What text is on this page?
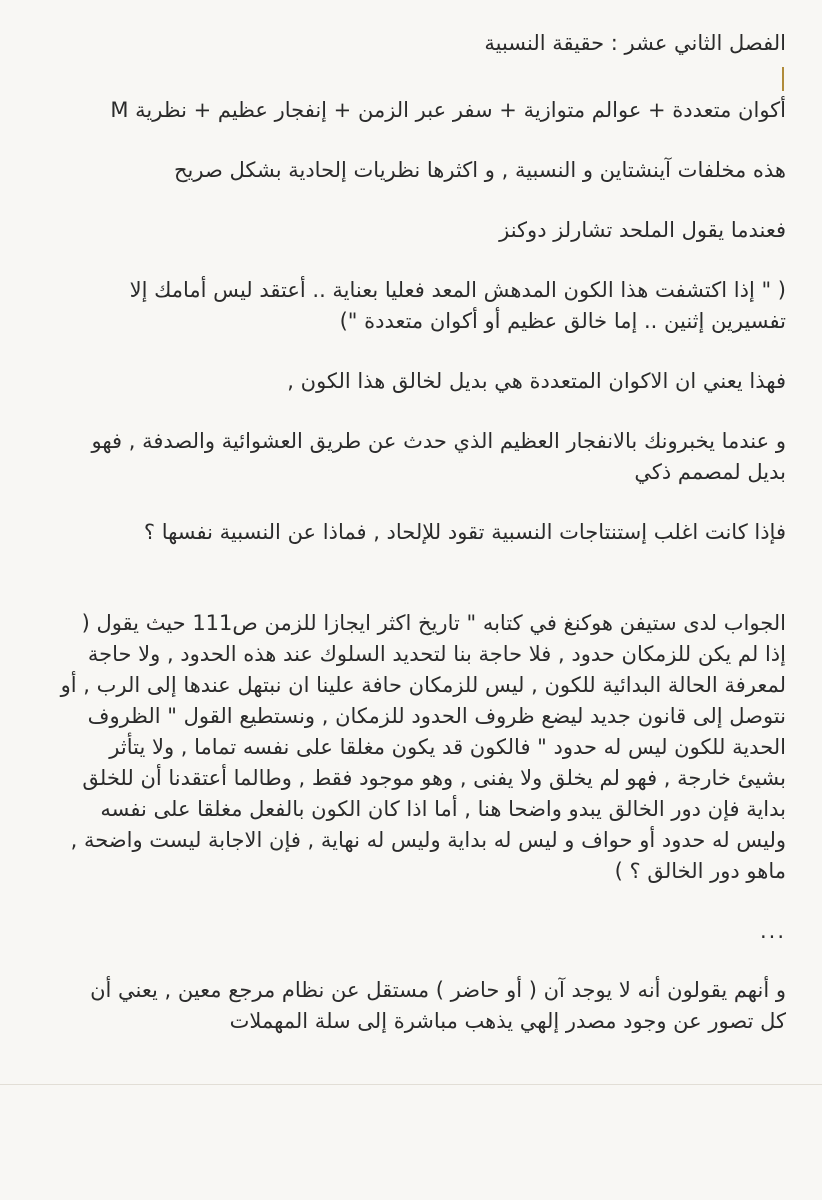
الفصل الثاني عشر : حقيقة النسبية

أكوان متعددة + عوالم متوازية + سفر عبر الزمن + إنفجار عظيم + نظرية M

هذه مخلفات آينشتاين و النسبية , و اكثرها نظريات إلحادية بشكل صريح

فعندما يقول الملحد تشارلز دوكنز

( " إذا اكتشفت هذا الكون المدهش المعد فعليا بعناية .. أعتقد ليس أمامك إلا تفسيرين إثنين .. إما خالق عظيم أو أكوان متعددة ")

فهذا يعني ان الاكوان المتعددة هي بديل لخالق هذا الكون ,

و عندما يخبرونك بالانفجار العظيم الذي حدث عن طريق العشوائية والصدفة , فهو بديل لمصمم ذكي

فإذا كانت اغلب إستنتاجات النسبية تقود للإلحاد , فماذا عن النسبية نفسها ؟

الجواب لدى ستيفن هوكنغ في كتابه " تاريخ اكثر ايجازا للزمن ص111 حيث يقول ( إذا لم يكن للزمكان حدود , فلا حاجة بنا لتحديد السلوك عند هذه الحدود , ولا حاجة لمعرفة الحالة البدائية للكون , ليس للزمكان حافة علينا ان نبتهل عندها إلى الرب , أو نتوصل إلى قانون جديد ليضع ظروف الحدود للزمكان , ونستطيع القول " الظروف الحدية للكون ليس له حدود " فالكون قد يكون مغلقا على نفسه تماما , ولا يتأثر بشيئ خارجة , فهو لم يخلق ولا يفنى , وهو موجود فقط , وطالما أعتقدنا أن للخلق بداية فإن دور الخالق يبدو واضحا هنا , أما اذا كان الكون بالفعل مغلقا على نفسه وليس له حدود أو حواف و ليس له بداية وليس له نهاية , فإن الاجابة ليست واضحة , ماهو دور الخالق ؟ )

...

و أنهم يقولون أنه لا يوجد آن ( أو حاضر ) مستقل عن نظام مرجع معين , يعني أن كل تصور عن وجود مصدر إلهي يذهب مباشرة إلى سلة المهملات
